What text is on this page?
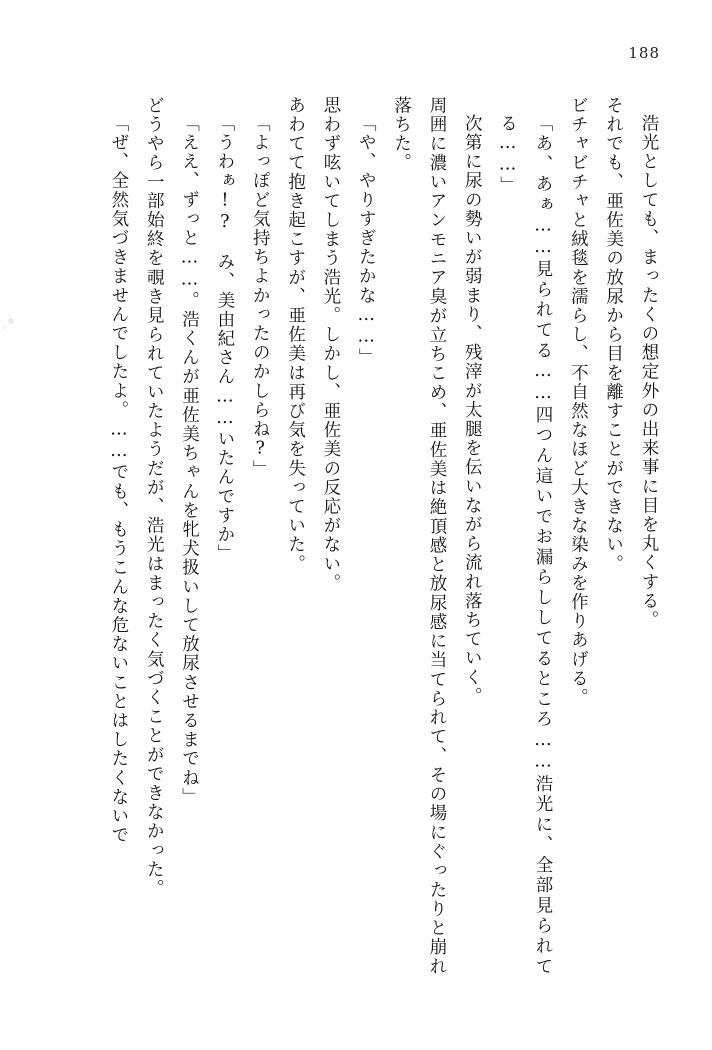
188

浩光としても、まったくの想定外の出来事に目を丸くする。

それでも、亜佐美の放尿から目を離すことができない。

ビチャビチャと絨毯を濡らし、不自然なほど大きな染みを作りあげる。

「あ、あぁ……見られてる……四つん這いでお漏らししてるところ……浩光に、全部見られてる……」

次第に尿の勢いが弱まり、残滓が太腿を伝いながら流れ落ちていく。

周囲に濃いアンモニア臭が立ちこめ、亜佐美は絶頂感と放尿感に当てられて、その場にぐったりと崩れ落ちた。

「や、やりすぎたかな……」

思わず呟いてしまう浩光。しかし、亜佐美の反応がない。

あわてて抱き起こすが、亜佐美は再び気を失っていた。

「よっぽど気持ちよかったのかしらね?」

「うわぁ!?　み、美由紀さん……いたんですか」

「ええ、ずっと……。浩くんが亜佐美ちゃんを牝犬扱いして放尿させるまでね」

どうやら一部始終を覗き見られていたようだが、浩光はまったく気づくことができなかった。

「ぜ、全然気づきませんでしたよ。……でも、もうこんな危ないことはしたくないで
